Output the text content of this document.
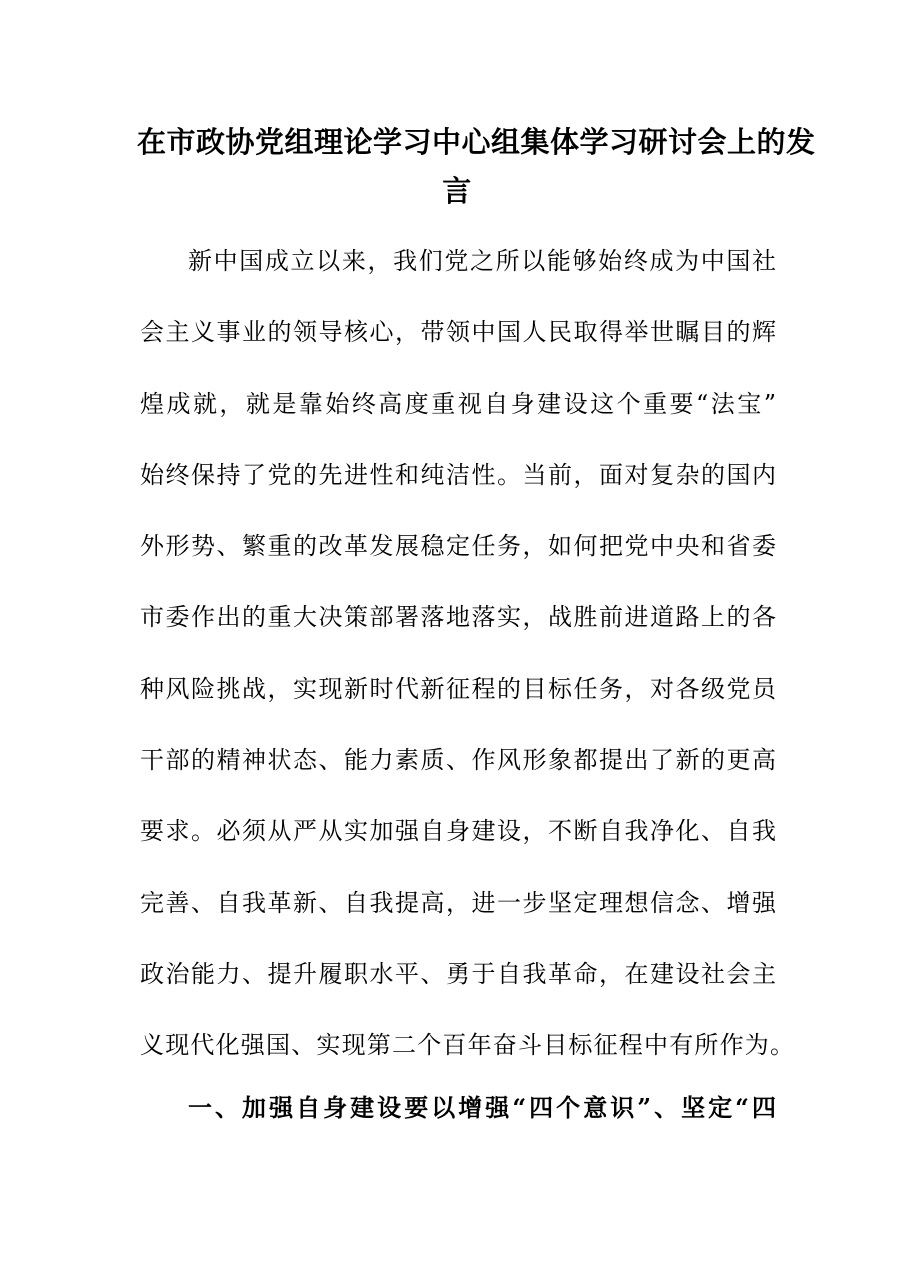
在市政协党组理论学习中心组集体学习研讨会上的发
言
新中国成立以来，我们党之所以能够始终成为中国社
会主义事业的领导核心，带领中国人民取得举世瞩目的辉
煌成就，就是靠始终高度重视自身建设这个重要“法宝”
始终保持了党的先进性和纯洁性。当前，面对复杂的国内
外形势、繁重的改革发展稳定任务，如何把党中央和省委
市委作出的重大决策部署落地落实，战胜前进道路上的各
种风险挑战，实现新时代新征程的目标任务，对各级党员
干部的精神状态、能力素质、作风形象都提出了新的更高
要求。必须从严从实加强自身建设，不断自我净化、自我
完善、自我革新、自我提高，进一步坚定理想信念、增强
政治能力、提升履职水平、勇于自我革命，在建设社会主
义现代化强国、实现第二个百年奋斗目标征程中有所作为。
一、加强自身建设要以增强“四个意识”、坚定“四
